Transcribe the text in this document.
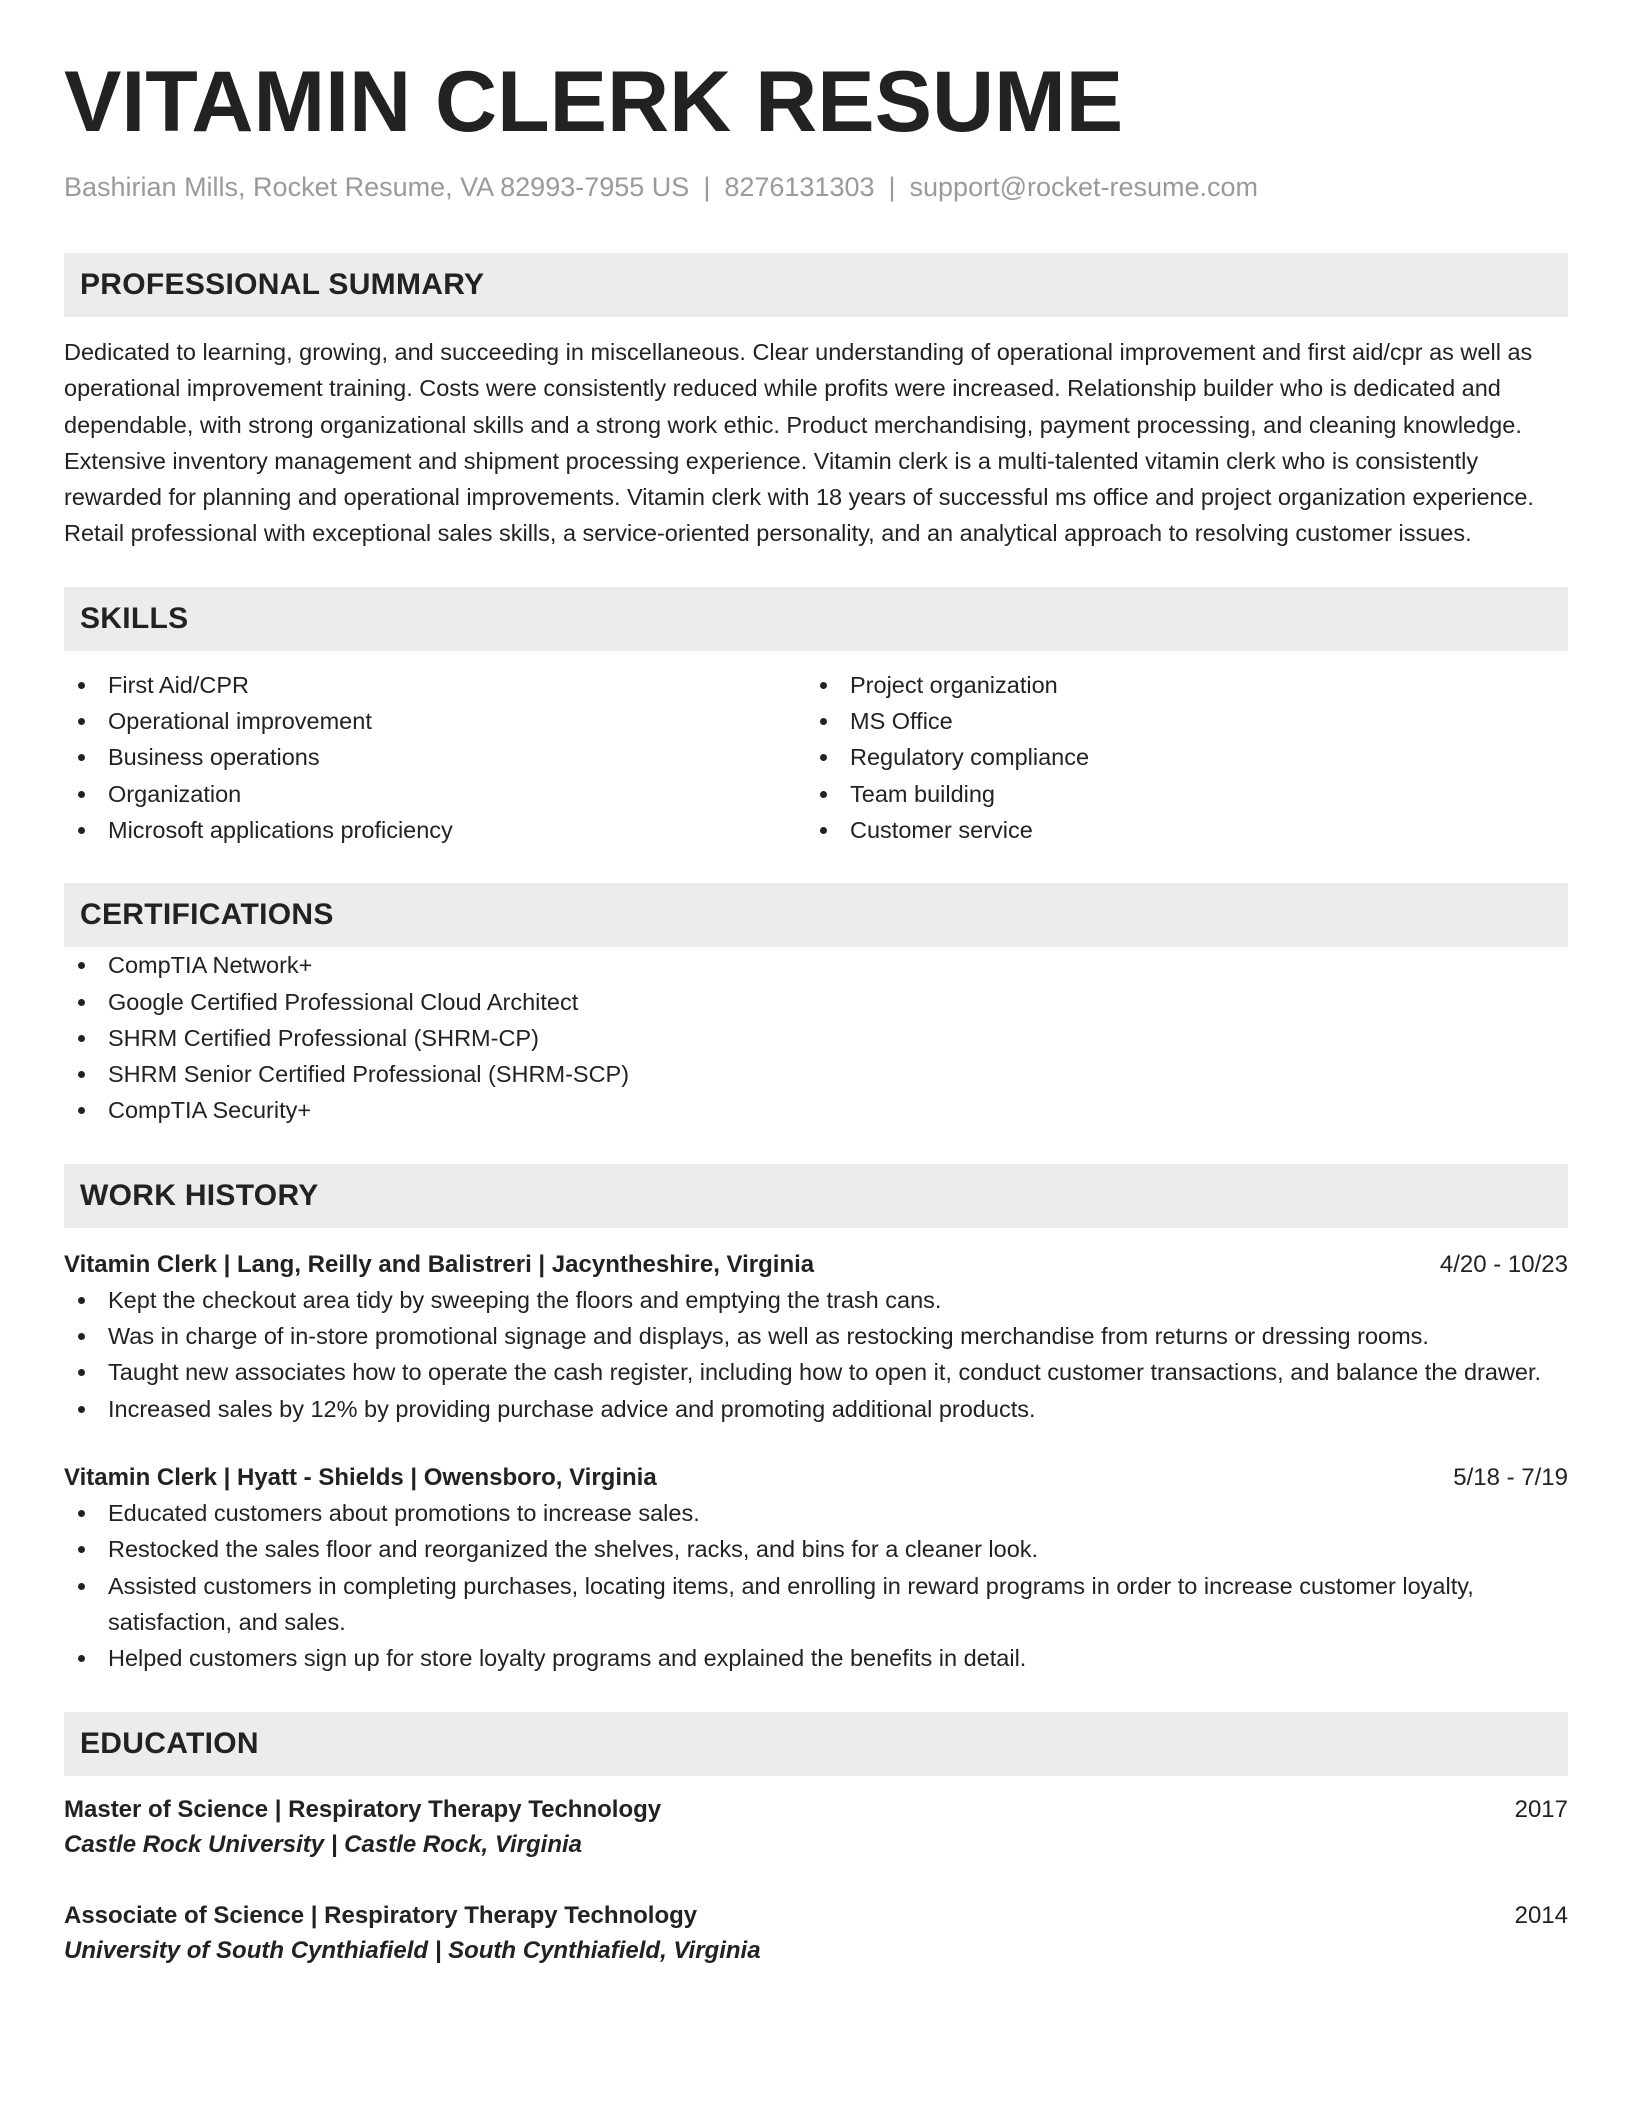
VITAMIN CLERK RESUME
Bashirian Mills, Rocket Resume, VA 82993-7955 US | 8276131303 | support@rocket-resume.com
PROFESSIONAL SUMMARY

Dedicated to learning, growing, and succeeding in miscellaneous. Clear understanding of operational improvement and first aid/cpr as well as operational improvement training. Costs were consistently reduced while profits were increased. Relationship builder who is dedicated and dependable, with strong organizational skills and a strong work ethic. Product merchandising, payment processing, and cleaning knowledge. Extensive inventory management and shipment processing experience. Vitamin clerk is a multi-talented vitamin clerk who is consistently rewarded for planning and operational improvements. Vitamin clerk with 18 years of successful ms office and project organization experience. Retail professional with exceptional sales skills, a service-oriented personality, and an analytical approach to resolving customer issues.

SKILLS
First Aid/CPR
Operational improvement
Business operations
Organization
Microsoft applications proficiency
Project organization
MS Office
Regulatory compliance
Team building
Customer service
CERTIFICATIONS
CompTIA Network+
Google Certified Professional Cloud Architect
SHRM Certified Professional (SHRM-CP)
SHRM Senior Certified Professional (SHRM-SCP)
CompTIA Security+
WORK HISTORY
Vitamin Clerk | Lang, Reilly and Balistreri | Jacyntheshire, Virginia	4/20 - 10/23
Kept the checkout area tidy by sweeping the floors and emptying the trash cans.
Was in charge of in-store promotional signage and displays, as well as restocking merchandise from returns or dressing rooms.
Taught new associates how to operate the cash register, including how to open it, conduct customer transactions, and balance the drawer.
Increased sales by 12% by providing purchase advice and promoting additional products.
Vitamin Clerk | Hyatt - Shields | Owensboro, Virginia	5/18 - 7/19
Educated customers about promotions to increase sales.
Restocked the sales floor and reorganized the shelves, racks, and bins for a cleaner look.
Assisted customers in completing purchases, locating items, and enrolling in reward programs in order to increase customer loyalty, satisfaction, and sales.
Helped customers sign up for store loyalty programs and explained the benefits in detail.
EDUCATION
Master of Science | Respiratory Therapy Technology	2017
Castle Rock University | Castle Rock, Virginia
Associate of Science | Respiratory Therapy Technology	2014
University of South Cynthiafield | South Cynthiafield, Virginia
